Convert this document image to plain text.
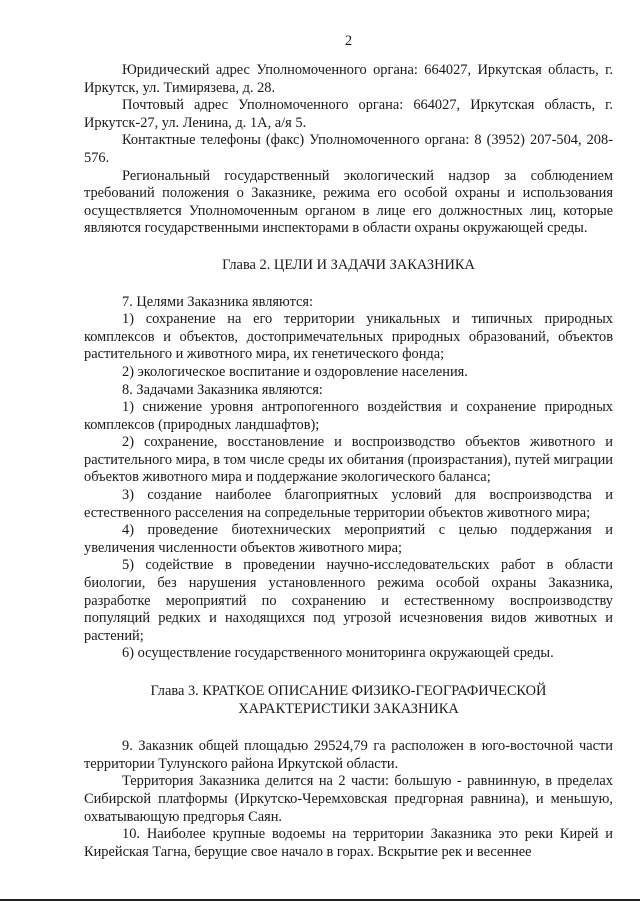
2

Юридический адрес Уполномоченного органа: 664027, Иркутская область, г. Иркутск, ул. Тимирязева, д. 28.

Почтовый адрес Уполномоченного органа: 664027, Иркутская область, г. Иркутск-27, ул. Ленина, д. 1А, а/я 5.

Контактные телефоны (факс) Уполномоченного органа: 8 (3952) 207-504, 208-576.

Региональный государственный экологический надзор за соблюдением требований положения о Заказнике, режима его особой охраны и использования осуществляется Уполномоченным органом в лице его должностных лиц, которые являются государственными инспекторами в области охраны окружающей среды.

Глава 2. ЦЕЛИ И ЗАДАЧИ ЗАКАЗНИКА

7. Целями Заказника являются:

1) сохранение на его территории уникальных и типичных природных комплексов и объектов, достопримечательных природных образований, объектов растительного и животного мира, их генетического фонда;

2) экологическое воспитание и оздоровление населения.

8. Задачами Заказника являются:

1) снижение уровня антропогенного воздействия и сохранение природных комплексов (природных ландшафтов);

2) сохранение, восстановление и воспроизводство объектов животного и растительного мира, в том числе среды их обитания (произрастания), путей миграции объектов животного мира и поддержание экологического баланса;

3) создание наиболее благоприятных условий для воспроизводства и естественного расселения на сопредельные территории объектов животного мира;

4) проведение биотехнических мероприятий с целью поддержания и увеличения численности объектов животного мира;

5) содействие в проведении научно-исследовательских работ в области биологии, без нарушения установленного режима особой охраны Заказника, разработке мероприятий по сохранению и естественному воспроизводству популяций редких и находящихся под угрозой исчезновения видов животных и растений;

6) осуществление государственного мониторинга окружающей среды.

Глава 3. КРАТКОЕ ОПИСАНИЕ ФИЗИКО-ГЕОГРАФИЧЕСКОЙ
ХАРАКТЕРИСТИКИ ЗАКАЗНИКА

9. Заказник общей площадью 29524,79 га расположен в юго-восточной части территории Тулунского района Иркутской области.

Территория Заказника делится на 2 части: большую - равнинную, в пределах Сибирской платформы (Иркутско-Черемховская предгорная равнина), и меньшую, охватывающую предгорья Саян.

10. Наиболее крупные водоемы на территории Заказника это реки Кирей и Кирейская Тагна, берущие свое начало в горах. Вскрытие рек и весеннее
